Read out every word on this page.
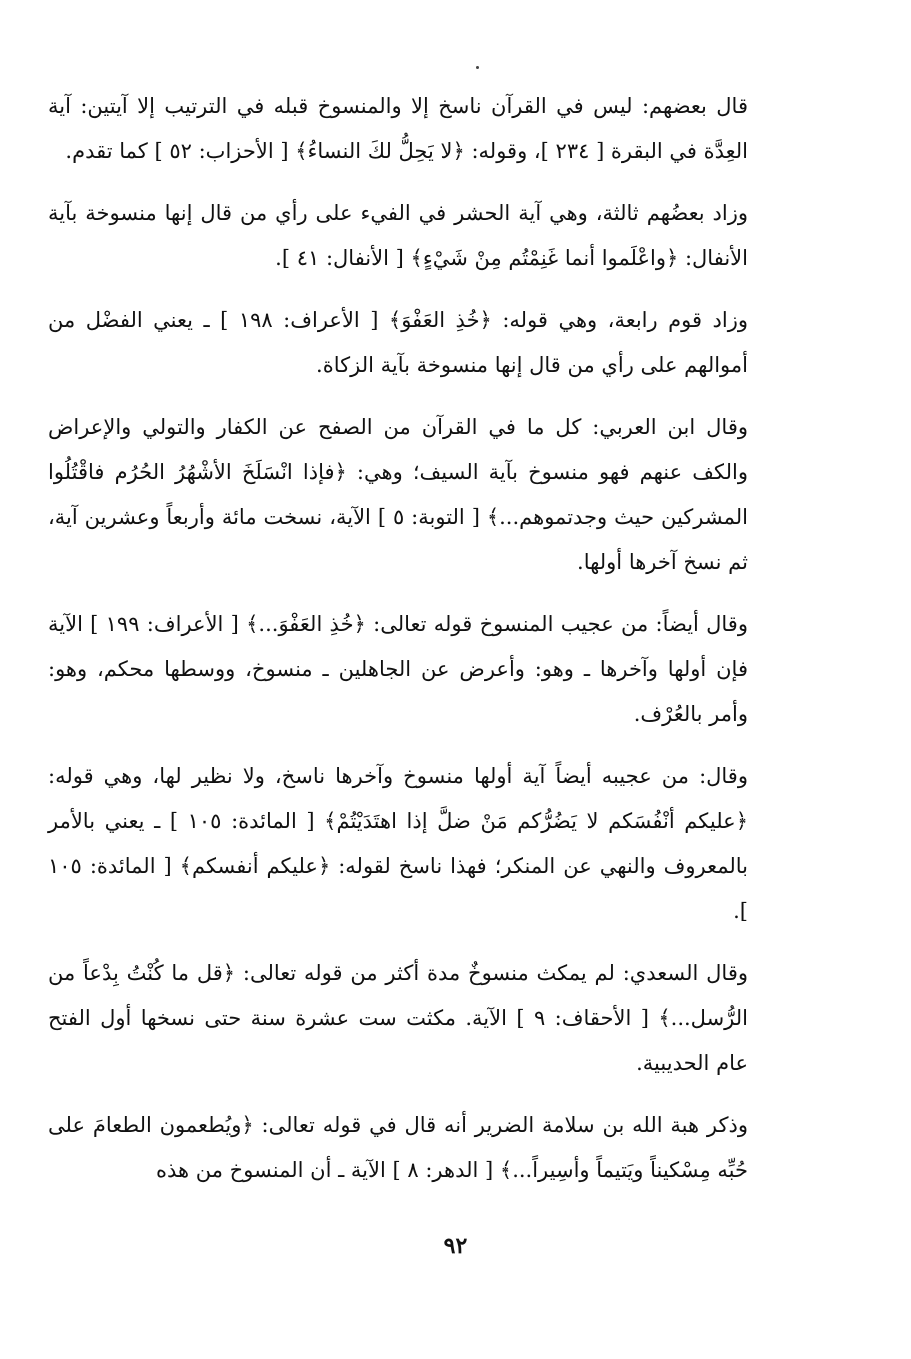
قال بعضهم: ليس في القرآن ناسخ إلا والمنسوخ قبله في الترتيب إلا آيتين: آية العِدَّة في البقرة [ ٢٣٤ ]، وقوله: ﴿لا يَحِلُّ لكَ النساءُ﴾ [ الأحزاب: ٥٢ ] كما تقدم.

وزاد بعضُهم ثالثة، وهي آية الحشر في الفيء على رأي من قال إنها منسوخة بآية الأنفال: ﴿واعْلَموا أنما غَنِمْتُم مِنْ شَيْءٍ﴾ [ الأنفال: ٤١ ].

وزاد قوم رابعة، وهي قوله: ﴿خُذِ العَفْوَ﴾ [ الأعراف: ١٩٨ ] ـ يعني الفضْل من أموالهم على رأي من قال إنها منسوخة بآية الزكاة.

وقال ابن العربي: كل ما في القرآن من الصفح عن الكفار والتولي والإعراض والكف عنهم فهو منسوخ بآية السيف؛ وهي: ﴿فإذا انْسَلَخَ الأشْهُرُ الحُرُم فاقْتُلُوا المشركين حيث وجدتموهم...﴾ [ التوبة: ٥ ] الآية، نسخت مائة وأربعاً وعشرين آية، ثم نسخ آخرها أولها.

وقال أيضاً: من عجيب المنسوخ قوله تعالى: ﴿خُذِ العَفْوَ...﴾ [ الأعراف: ١٩٩ ] الآية فإن أولها وآخرها ـ وهو: وأعرض عن الجاهلين ـ منسوخ، ووسطها محكم، وهو: وأمر بالعُرْف.

وقال: من عجيبه أيضاً آية أولها منسوخ وآخرها ناسخ، ولا نظير لها، وهي قوله: ﴿عليكم أنْفُسَكم لا يَضُرُّكم مَنْ ضلَّ إذا اهتَدَيْتُمْ﴾ [ المائدة: ١٠٥ ] ـ يعني بالأمر بالمعروف والنهي عن المنكر؛ فهذا ناسخ لقوله: ﴿عليكم أنفسكم﴾ [ المائدة: ١٠٥ ].

وقال السعدي: لم يمكث منسوخٌ مدة أكثر من قوله تعالى: ﴿قل ما كُنْتُ بِدْعاً من الرُّسل...﴾ [ الأحقاف: ٩ ] الآية. مكثت ست عشرة سنة حتى نسخها أول الفتح عام الحديبية.

وذكر هبة الله بن سلامة الضرير أنه قال في قوله تعالى: ﴿ويُطعمون الطعامَ على حُبِّه مِسْكيناً ويَتيماً وأسِيراً...﴾ [ الدهر: ٨ ] الآية ـ أن المنسوخ من هذه

٩٢
